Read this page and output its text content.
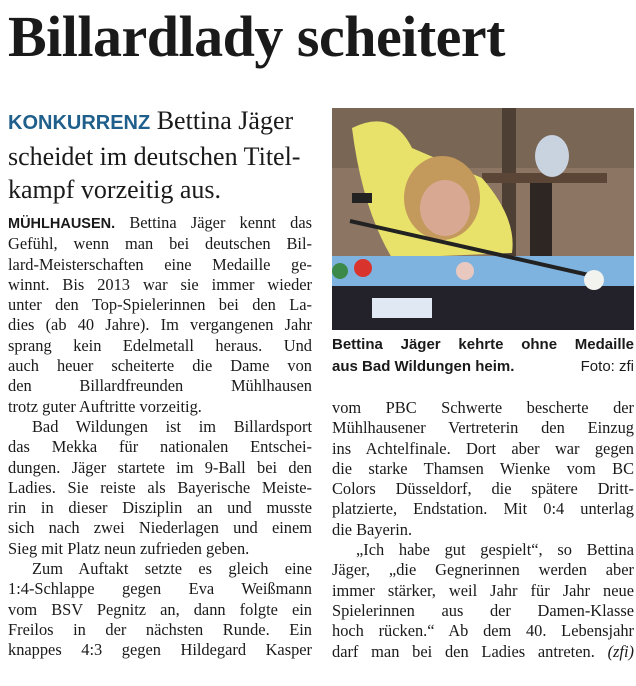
Billardlady scheitert
KONKURRENZ Bettina Jäger
scheidet im deutschen Titel-
kampf vorzeitig aus.
MÜHLHAUSEN. Bettina Jäger kennt das
Gefühl, wenn man bei deutschen Bil-
lard-Meisterschaften eine Medaille ge-
winnt. Bis 2013 war sie immer wieder
unter den Top-Spielerinnen bei den La-
dies (ab 40 Jahre). Im vergangenen Jahr
sprang kein Edelmetall heraus. Und
auch heuer scheiterte die Dame von
den Billardfreunden Mühlhausen
trotz guter Auftritte vorzeitig.
Bad Wildungen ist im Billardsport
das Mekka für nationalen Entschei-
dungen. Jäger startete im 9-Ball bei den
Ladies. Sie reiste als Bayerische Meiste-
rin in dieser Disziplin an und musste
sich nach zwei Niederlagen und einem
Sieg mit Platz neun zufrieden geben.
Zum Auftakt setzte es gleich eine
1:4-Schlappe gegen Eva Weißmann
vom BSV Pegnitz an, dann folgte ein
Freilos in der nächsten Runde. Ein
knappes 4:3 gegen Hildegard Kasper
vom PBC Schwerte bescherte der
Mühlhausener Vertreterin den Einzug
ins Achtelfinale. Dort aber war gegen
die starke Thamsen Wienke vom BC
Colors Düsseldorf, die spätere Dritt-
platzierte, Endstation. Mit 0:4 unterlag
die Bayerin.
„Ich habe gut gespielt“, so Bettina
Jäger, „die Gegnerinnen werden aber
immer stärker, weil Jahr für Jahr neue
Spielerinnen aus der Damen-Klasse
hoch rücken.“ Ab dem 40. Lebensjahr
darf man bei den Ladies antreten. (zfi)
Bettina Jäger kehrte ohne Medaille
aus Bad Wildungen heim.	Foto: zfi
